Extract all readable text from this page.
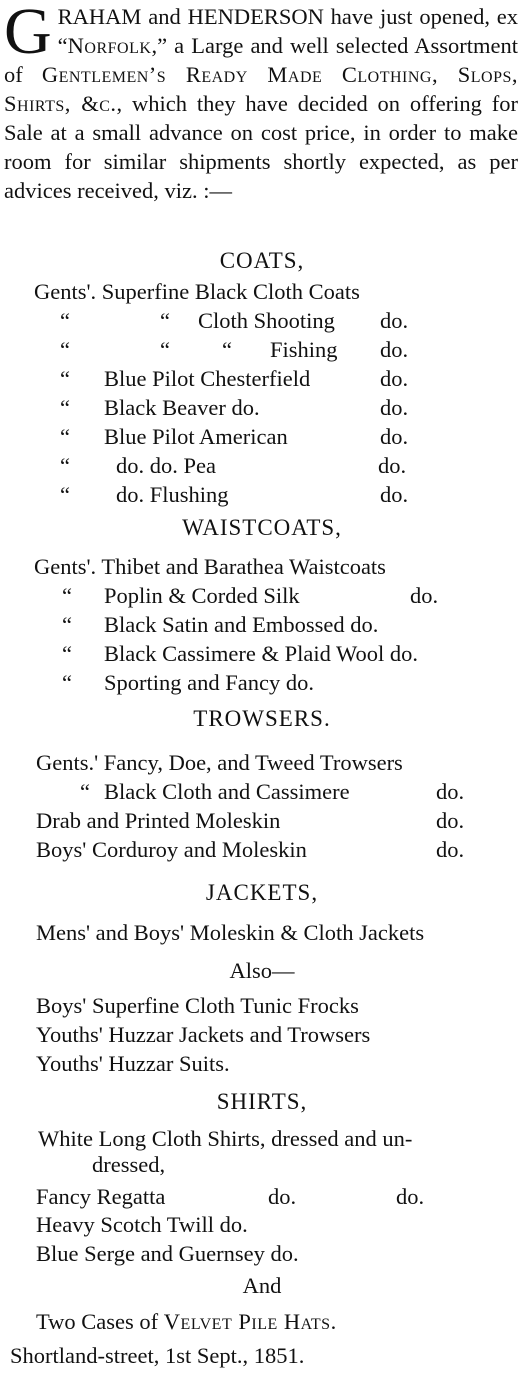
G RAHAM and HENDERSON have just opened, ex “Norfolk,” a Large and well selected Assortment of Gentlemen’s Ready Made Clothing, Slops, Shirts, &c., which they have decided on offering for Sale at a small advance on cost price, in order to make room for similar shipments shortly expected, as per advices received, viz. :—

COATS,
Gents'. Superfine Black Cloth Coats
“	“ Cloth Shooting do.
“	“ “ Fishing do.
“ Blue Pilot Chesterfield	do.
“ Black Beaver do.	do.
“ Blue Pilot American	do.
“ do. do. Pea	do.
“ do. Flushing	do.
WAISTCOATS,
Gents'. Thibet and Barathea Waistcoats
“ Poplin & Corded Silk	do.
“ Black Satin and Embossed do.
“ Black Cassimere & Plaid Wool do.
“ Sporting and Fancy do.
TROWSERS.
Gents.' Fancy, Doe, and Tweed Trowsers
“ Black Cloth and Cassimere	do.
Drab and Printed Moleskin	do.
Boys' Corduroy and Moleskin	do.
JACKETS,
Mens' and Boys' Moleskin & Cloth Jackets
Also—
Boys' Superfine Cloth Tunic Frocks
Youths' Huzzar Jackets and Trowsers
Youths' Huzzar Suits.
SHIRTS,
White Long Cloth Shirts, dressed and un-
dressed,
Fancy Regatta	do.	do.
Heavy Scotch Twill do.
Blue Serge and Guernsey do.
And
Two Cases of Velvet Pile Hats.
Shortland-street, 1st Sept., 1851.
